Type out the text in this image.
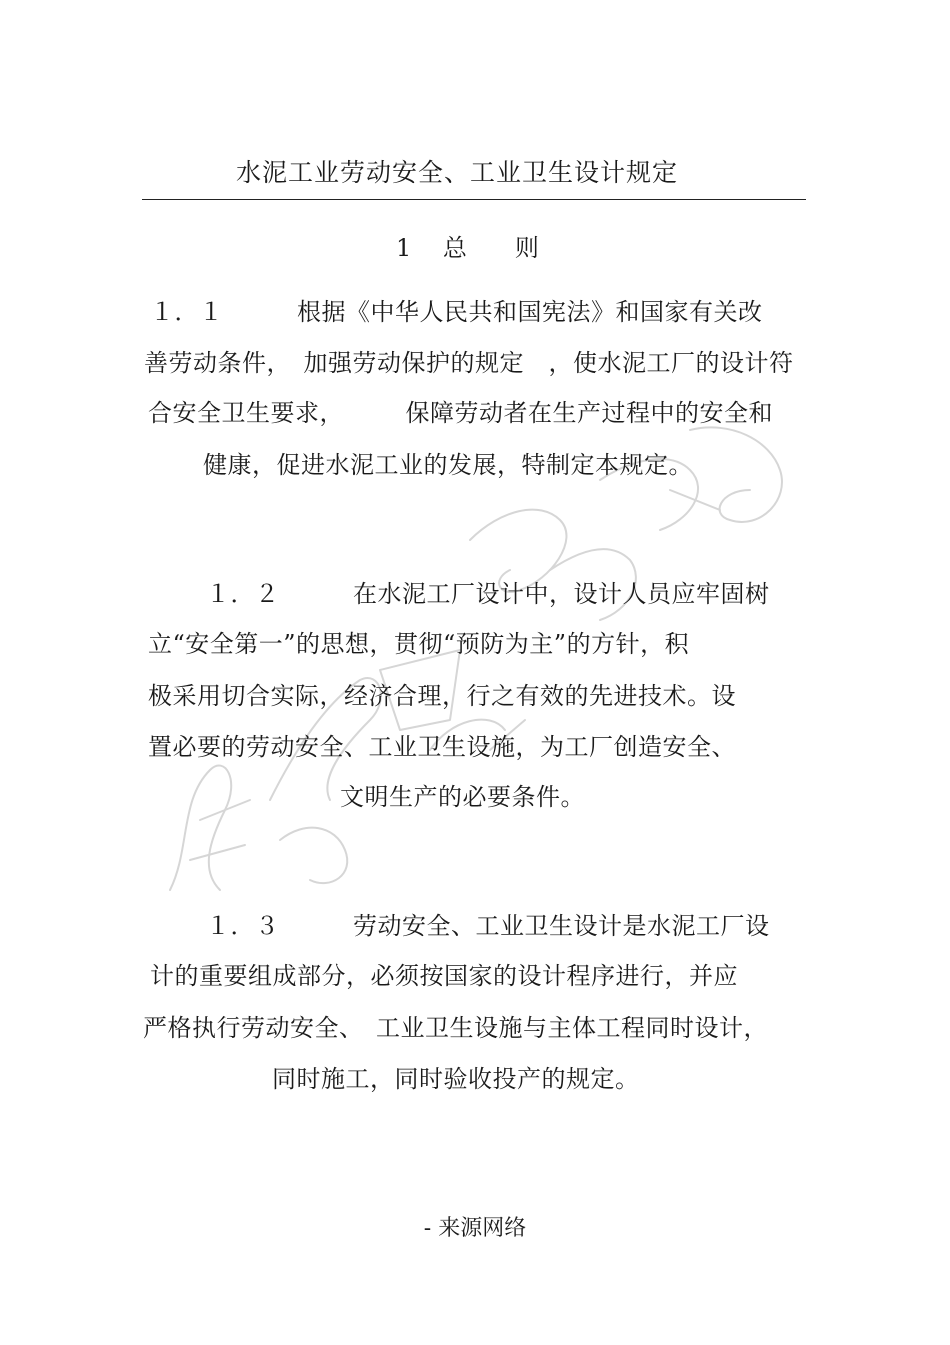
水泥工业劳动安全、工业卫生设计规定
1　 总　　则
１．１　　　根据《中华人民共和国宪法》和国家有关改
善劳动条件，　加强劳动保护的规定　，使水泥工厂的设计符
合安全卫生要求，　　　保障劳动者在生产过程中的安全和
健康，促进水泥工业的发展，特制定本规定。
１．２　　　在水泥工厂设计中，设计人员应牢固树
立“安全第一”的思想，贯彻“预防为主”的方针，积
极采用切合实际，经济合理，行之有效的先进技术。设
置必要的劳动安全、工业卫生设施，为工厂创造安全、
文明生产的必要条件。
１．３　　　劳动安全、工业卫生设计是水泥工厂设
计的重要组成部分，必须按国家的设计程序进行，并应
严格执行劳动安全、　工业卫生设施与主体工程同时设计，
同时施工，同时验收投产的规定。
- 来源网络
